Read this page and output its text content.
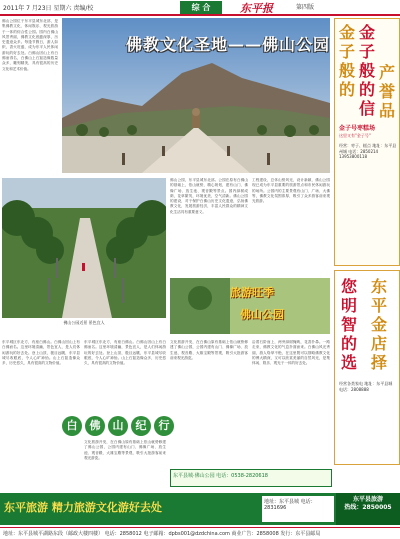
2011年 7 月23日 星期六 责编/校	综 合	东平报	第四版

佛山公园位于东平县城东北部，是集佛教文化、休闲娱乐、观光旅游于一体的综合性公园。园内白佛山风景秀丽，佛教文化底蕴深厚，历史遗迹众多。每逢节假日，游人如织，香火旺盛，成为东平人民休闲游玩的好去处。白佛山因山上有白佛而得名，白佛山上石窟造像数量众多，雕刻精美，具有很高的历史文化和艺术价值。

佛教文化圣地——佛山公园
金
子
般
的
金
子
般
的
信
产
誉
品
金子号枣糕场
这里又有"金子号"
经营：枣子、糕点 地址：东平县州城 电话：2850214 13953800118
佛山公园近景 景色宜人

佛山公园，东平县城东北部。公园在原有白佛山的基础上，依山就势，精心规划，建有山门、佛像广场、放生池、观音殿等景点。园内绿树成荫，花草繁茂，环境优美，空气清新。佛山公园的建设，对于保护白佛山历史文化遗迹，弘扬佛教文化，发展旅游经济，丰富人民群众的精神文化生活具有重要意义。

工程建设，总体山势风光，设计新颖，佛山公园现已成为东平县重要的旅游景点和市民休闲游玩的场所。公园内的主要景观有山门、广场、大佛等，佛教文化氛围浓厚，吸引了众多游客前来观光旅游。

旅游旺季
佛山公园

东平城区东北方，有座白佛山。白佛山因山上有白佛而名。这里环境清幽，景色宜人，是人们休闲游玩的好去处。登上山顶，极目远眺，东平县城尽收眼底，令人心旷神怡。山上石窟造像众多，历史悠久，具有很高的文物价值。

东平城区东北方，有座白佛山。白佛山因山上有白佛而名。这里环境清幽，景色宜人，是人们休闲游玩的好去处。登上山顶，极目远眺，东平县城尽收眼底，令人心旷神怡。山上石窟造像众多，历史悠久，具有很高的文物价值。

白	佛	山	纪	行

文化旅游开发，在白佛山原有基础上依山就势修建了佛山公园，公园内建有山门、佛像广场、放生池、观音殿、大雄宝殿等景观，吸引大批游客前来观光游览。

文化旅游开发，在白佛山原有基础上依山就势修建了佛山公园，公园内建有山门、佛像广场、放生池、观音殿、大雄宝殿等景观，吸引大批游客前来观光游览。

沿着石阶而上，两旁绿树掩映，花香扑鼻。一路走来，佛教文化的气息扑面而来。白佛山风光秀丽，游人络绎不绝，在这里既可以领略佛教文化的博大精深，又可以欣赏美丽的自然风光，是集休闲、娱乐、观光于一体的好去处。

东平县城·佛山公园 电话：0538-2820618
您
明
智
的
选
东
平
金
店
择
经营各类家电 地址：东平县城 电话：2808888
东平旅游 精力旅游文化游好去处	地址：东平县城 电话：2831696
东平县旅游
热线：2850005
地址：东平县城平湖路东段（邮政大楼四楼） 电话：2858012 电子邮箱：dpbs001@dzdchina.com 商业广告：2858008 发行：东平县邮局
